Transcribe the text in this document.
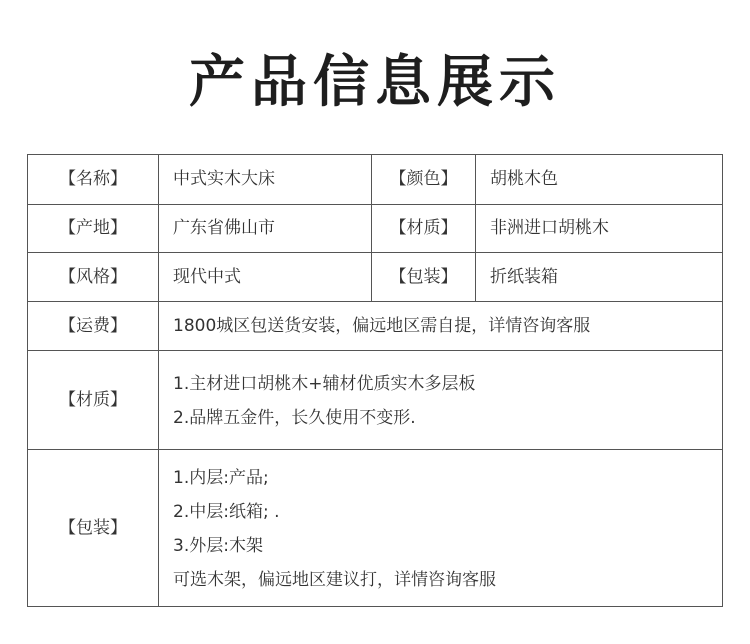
产品信息展示
【名称】	中式实木大床	【颜色】	胡桃木色
【产地】	广东省佛山市	【材质】	非洲进口胡桃木
【风格】	现代中式	【包装】	折纸装箱
【运费】	1800城区包送货安装，偏远地区需自提，详情咨询客服		
【材质】	1.主材进口胡桃木+辅材优质实木多层板
2.品牌五金件，长久使用不变形.		

【包装】	1.内层:产品;
2.中层:纸箱; .
3.外层:木架
可选木架，偏远地区建议打，详情咨询客服		
